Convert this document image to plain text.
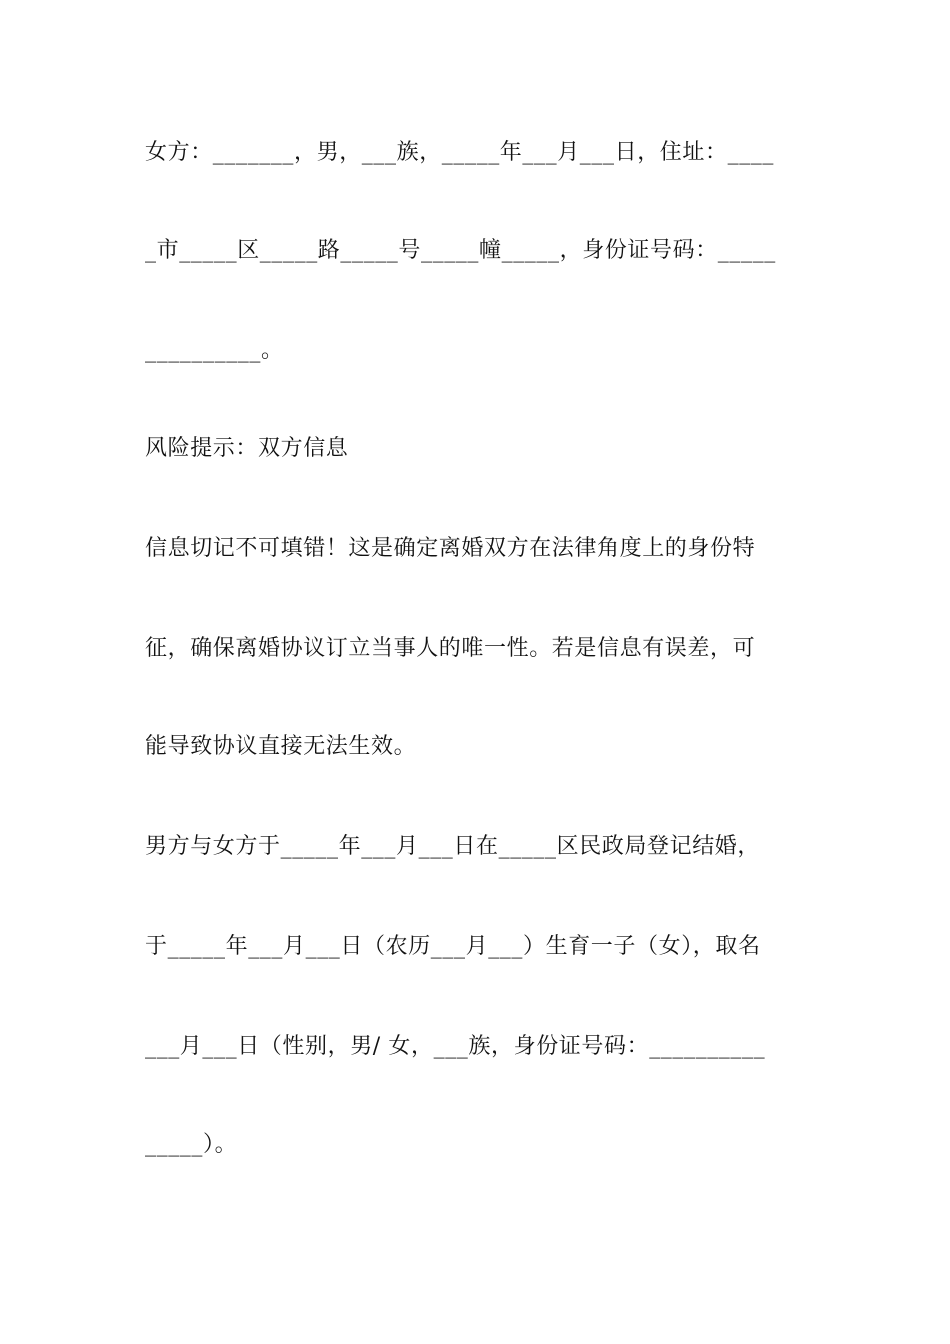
女方：_______，男，___族，_____年___月___日，住址：____
_市_____区_____路_____号_____幢_____，身份证号码：_____
__________。
风险提示：双方信息
信息切记不可填错！这是确定离婚双方在法律角度上的身份特
征，确保离婚协议订立当事人的唯一性。若是信息有误差，可
能导致协议直接无法生效。
男方与女方于_____年___月___日在_____区民政局登记结婚，
于_____年___月___日（农历___月___）生育一子（女），取名
___月___日（性别，男/ 女，___族，身份证号码：__________
_____）。
